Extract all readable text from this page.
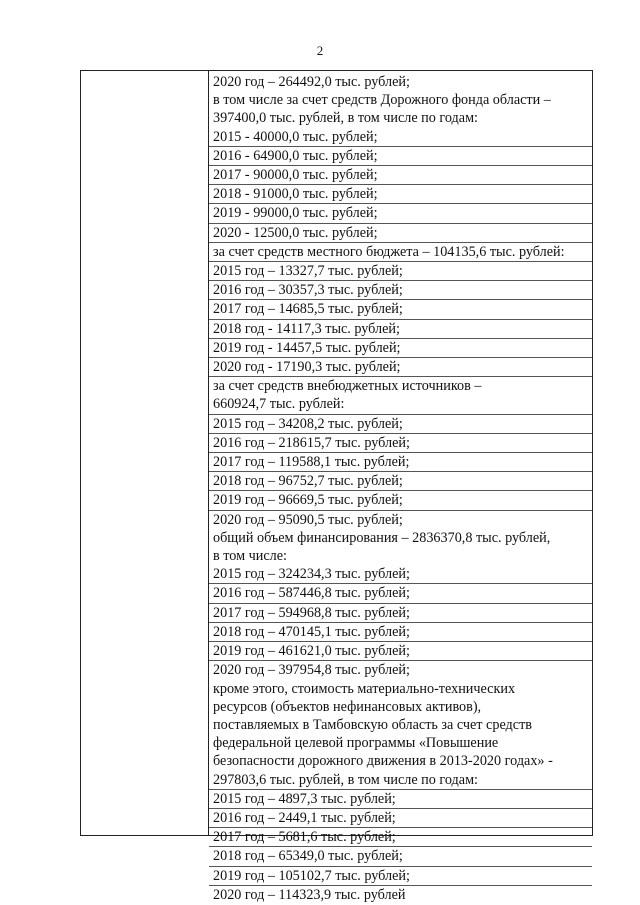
2
2020 год – 264492,0 тыс. рублей;
в том числе за счет средств Дорожного фонда области –
397400,0 тыс. рублей, в том числе по годам:
2015 - 40000,0 тыс. рублей;
2016 - 64900,0 тыс. рублей;
2017 - 90000,0 тыс. рублей;
2018 - 91000,0 тыс. рублей;
2019 - 99000,0 тыс. рублей;
2020 - 12500,0 тыс. рублей;
за счет средств местного бюджета – 104135,6 тыс. рублей:
2015 год – 13327,7 тыс. рублей;
2016 год – 30357,3 тыс. рублей;
2017 год – 14685,5 тыс. рублей;
2018 год - 14117,3 тыс. рублей;
2019 год - 14457,5 тыс. рублей;
2020 год - 17190,3 тыс. рублей;
за счет средств внебюджетных источников –
660924,7 тыс. рублей:
2015 год – 34208,2 тыс. рублей;
2016 год – 218615,7 тыс. рублей;
2017 год – 119588,1 тыс. рублей;
2018 год – 96752,7 тыс. рублей;
2019 год – 96669,5 тыс. рублей;
2020 год – 95090,5 тыс. рублей;
общий объем финансирования – 2836370,8 тыс. рублей,
в том числе:
2015 год – 324234,3 тыс. рублей;
2016 год – 587446,8 тыс. рублей;
2017 год – 594968,8 тыс. рублей;
2018 год – 470145,1 тыс. рублей;
2019 год – 461621,0 тыс. рублей;
2020 год – 397954,8 тыс. рублей;
кроме этого, стоимость материально-технических
ресурсов (объектов нефинансовых активов),
поставляемых в Тамбовскую область за счет средств
федеральной целевой программы «Повышение
безопасности дорожного движения в 2013-2020 годах» -
297803,6 тыс. рублей, в том числе по годам:
2015 год – 4897,3 тыс. рублей;
2016 год – 2449,1 тыс. рублей;
2017 год – 5681,6 тыс. рублей;
2018 год – 65349,0 тыс. рублей;
2019 год – 105102,7 тыс. рублей;
2020 год – 114323,9 тыс. рублей
